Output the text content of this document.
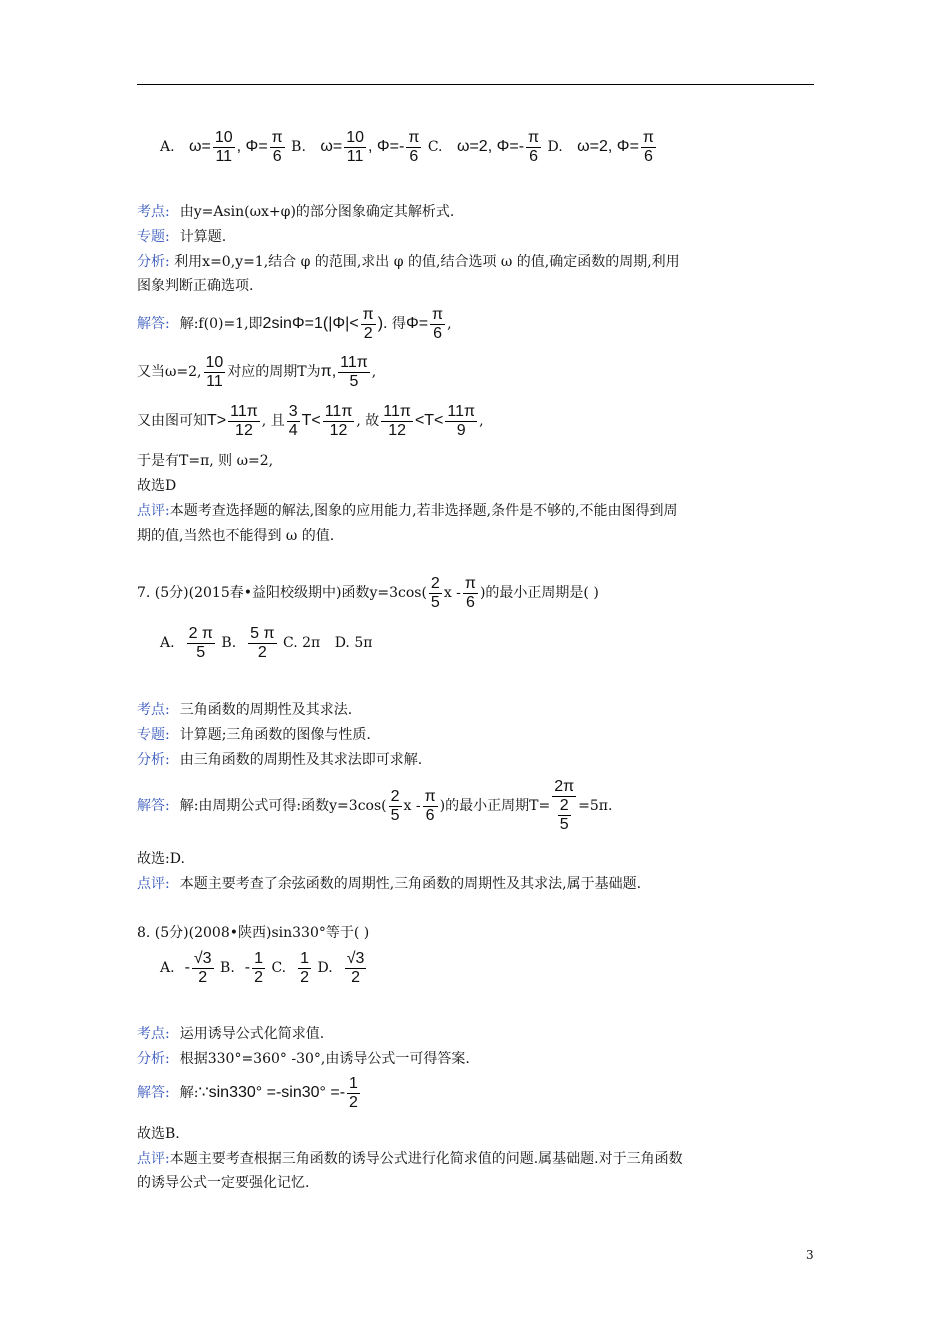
A. $\omega= \frac{10}{11}$ , $\Phi= \frac{\pi}{6} B$. $\omega= \frac{10}{11}$ , $\Phi=- \frac{\pi}{6} C$. ω=2, $\Phi=- \frac{\pi}{6} D$. ω=2, $\Phi= \frac{\pi}{6}$
考点: 由y=Asin(ωx+φ)的部分图象确定其解析式.
专题: 计算题.
分析: 利用x=0,y=1,结合 φ 的范围,求出 φ 的值,结合选项 ω 的值,确定函数的周期,利用
图象判断正确选项.
解答: 解:f(0)=1,即$2\sin\Phi=1(|\Phi|< \frac{\pi}{2}$ ). 得$\Phi= \frac{\pi}{6}$ ,
又当ω=2, $\frac{10}{11}$ 对应的周期T为π, $\frac{11\pi}{5}$ ,
又由图可知$T> \frac{11\pi}{12}$ , 且 $\frac{3}{4} T< \frac{11\pi}{12}$ , 故 $\frac{11\pi}{12} <T< \frac{11\pi}{9}$ ,
于是有T=π, 则 ω=2,
故选D
点评:本题考查选择题的解法,图象的应用能力,若非选择题,条件是不够的,不能由图得到周
期的值,当然也不能得到 ω 的值.
7. (5分)(2015春•益阳校级期中)函数$y=3\cos( \frac{2}{5}$ x - $\frac{\pi}{6}$ )的最小正周期是( )
A. $\frac{2 \pi}{5} B$. $\frac{5 \pi}{2} C$. 2π D. 5π
考点: 三角函数的周期性及其求法.
专题: 计算题;三角函数的图像与性质.
分析: 由三角函数的周期性及其求法即可求解.
解答: 解:由周期公式可得:函数$y=3\cos( \frac{2}{5}$ x - $\frac{\pi}{6}$ )的最小正周期$T= \frac{2\pi}{\frac{2}{5}} =5\pi$.
故选:D.
点评: 本题主要考查了余弦函数的周期性,三角函数的周期性及其求法,属于基础题.
8. (5分)(2008•陕西)sin330°等于( )
A. - $\frac{√3}{2} B$. - $\frac{1}{2} C$. $\frac{1}{2} D$. $\frac{√3}{2}$
考点: 运用诱导公式化简求值.
分析: 根据330°=360° -30°,由诱导公式一可得答案.
解答: 解:∵sin330° $=-\sin 30^\circ =- \frac{1}{2}$
故选B.
点评:本题主要考查根据三角函数的诱导公式进行化简求值的问题.属基础题.对于三角函数
的诱导公式一定要强化记忆.
3
